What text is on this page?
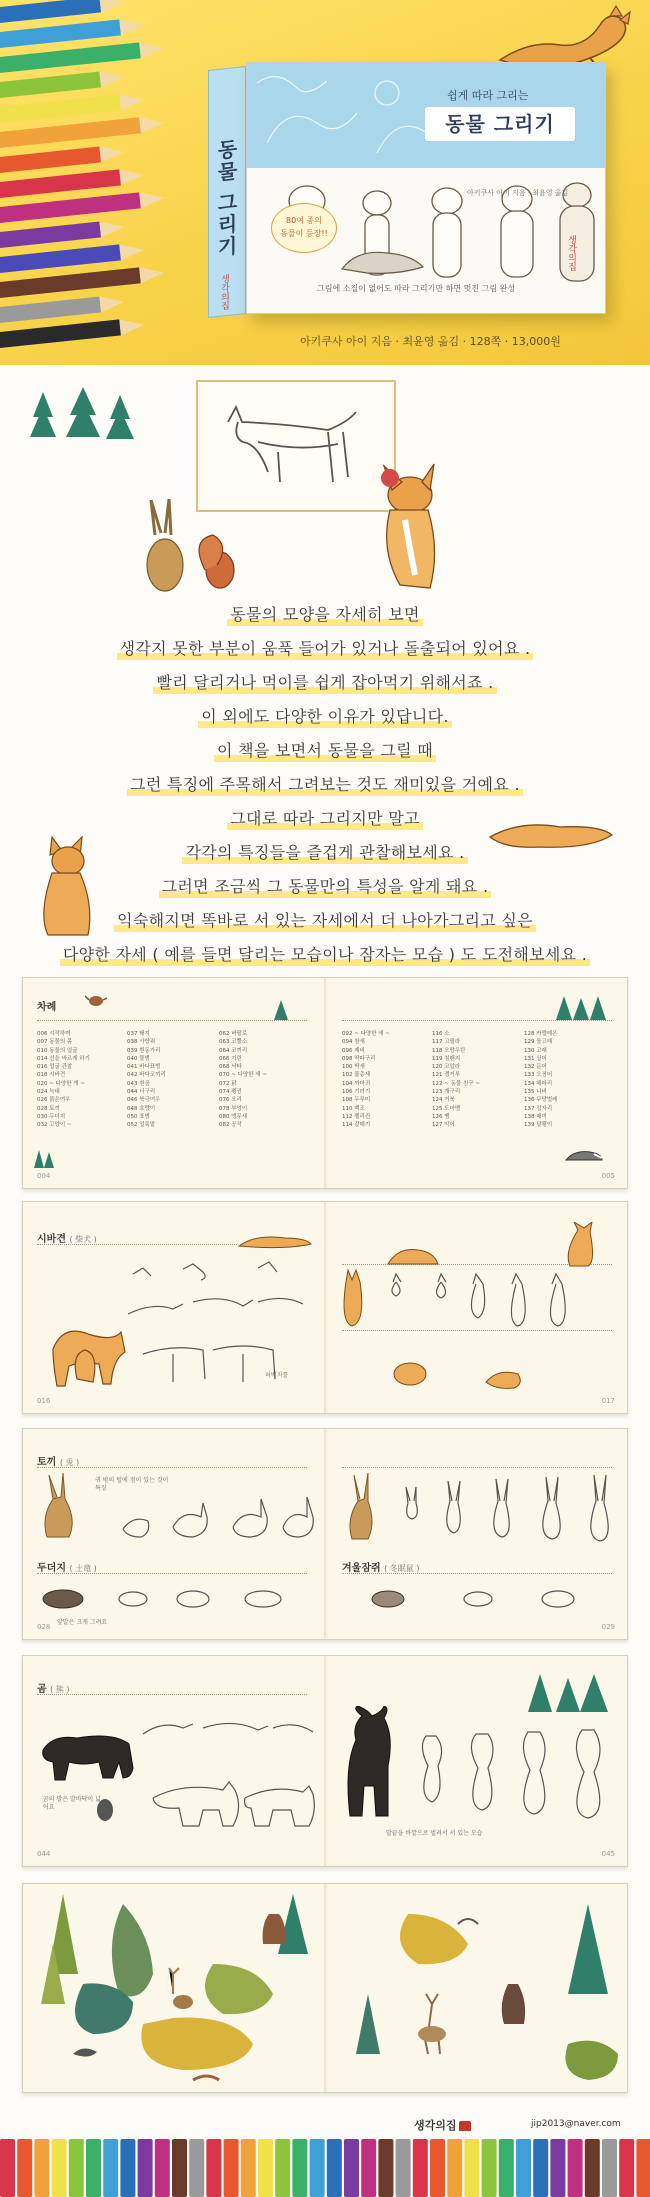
동물 그리기
생각의집
쉽게 따라 그리는
동물 그리기
80여 종의
동물이 등장!!
아키쿠사 아이 지음 · 최윤영 옮김
그림에 소질이 없어도 따라 그리기만 하면 멋진 그림 완성
생각의집
아키쿠사 아이 지음 · 최윤영 옮김 · 128쪽 · 13,000원
동물의 모양을 자세히 보면
생각지 못한 부분이 움푹 들어가 있거나 돌출되어 있어요 .
빨리 달리거나 먹이를 쉽게 잡아먹기 위해서죠 .
이 외에도 다양한 이유가 있답니다.
이 책을 보면서 동물을 그릴 때
그런 특징에 주목해서 그려보는 것도 재미있을 거예요 .
그대로 따라 그리지만 말고
각각의 특징들을 즐겁게 관찰해보세요 .
그러면 조금씩 그 동물만의 특성을 알게 돼요 .
익숙해지면 똑바로 서 있는 자세에서 더 나아가그리고 싶은
다양한 자세 ( 예를 들면 달리는 모습이나 잠자는 모습 ) 도 도전해보세요 .
차례
006 시작하며
007 동물의 몸
010 동물의 얼굴
014 선을 바르게 하기
016 얼굴 관찰
018 시바견
020 ~ 다양한 개 ~
024 늑대
026 붉은여우
028 토끼
030 두더지
032 고양이 ~
037 돼지
038 사향쥐
039 흰동가리
040 물범
041 바다표범
042 바다코끼리
043 흰곰
044 너구리
046 북극여우
048 호랑이
050 표범
052 얼룩말
062 버팔로
063 코뿔소
064 코끼리
066 기린
068 낙타
070 ~ 다양한 새 ~
072 닭
074 펭귄
076 오리
078 부엉이
080 앵무새
082 공작
004
092 ~ 다양한 새 ~
094 참새
096 제비
098 딱따구리
100 박새
102 물총새
104 까마귀
106 기러기
108 두루미
110 백조
112 펠리컨
114 갈매기
116 소
117 고릴라
118 오랑우탄
119 침팬지
120 코알라
121 캥거루
122 ~ 동물 친구 ~
123 개구리
124 거북
125 도마뱀
126 뱀
127 악어
128 카멜레온
129 돌고래
130 고래
131 상어
132 문어
133 오징어
134 해파리
135 나비
136 무당벌레
137 잠자리
138 매미
139 달팽이
005
시바견 ( 柴犬 )
허벅지를
016	017
토끼 ( 兎 )
귀 밖의 털에 점이 있는 것이 특징
두더지 ( 土竜 )
앞발은 크게 그려요
028
겨울잠쥐 ( 冬眠鼠 )
029
곰 ( 熊 )
곰의 발은 발바닥이 넓어요
044
발끝을 바깥으로 벌려서 서 있는 모습
045
생각의집	jip2013@naver.com
